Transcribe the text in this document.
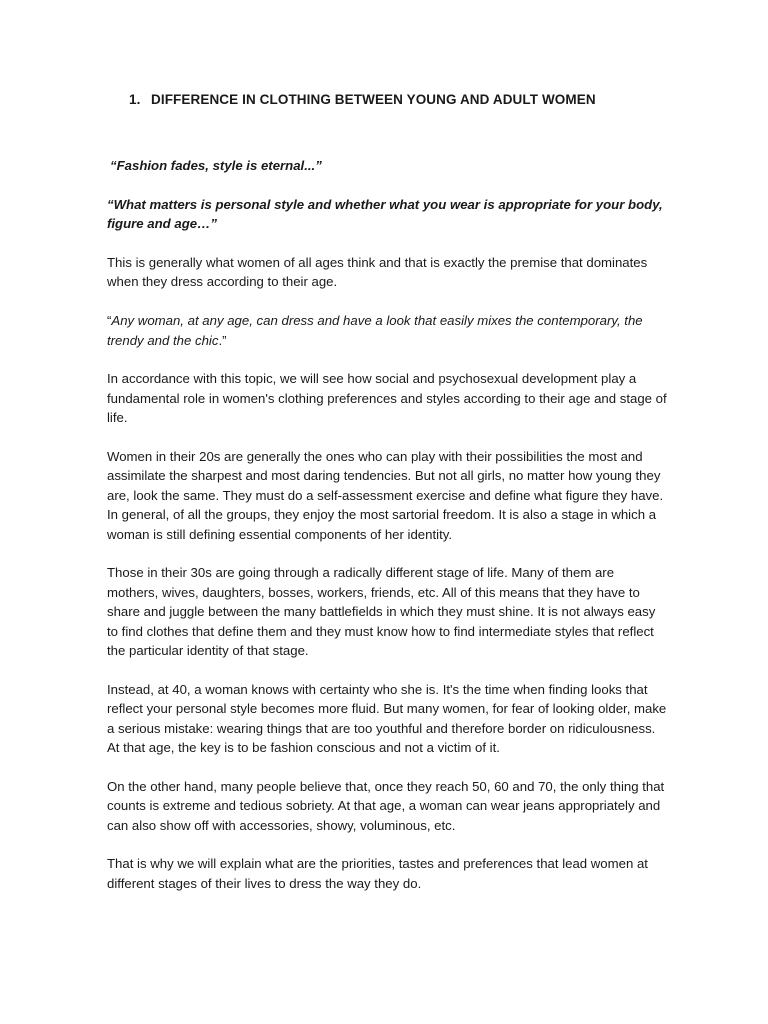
1. DIFFERENCE IN CLOTHING BETWEEN YOUNG AND ADULT WOMEN

“Fashion fades, style is eternal...”

“What matters is personal style and whether what you wear is appropriate for your body, figure and age…”

This is generally what women of all ages think and that is exactly the premise that dominates when they dress according to their age.

“Any woman, at any age, can dress and have a look that easily mixes the contemporary, the trendy and the chic.”

In accordance with this topic, we will see how social and psychosexual development play a fundamental role in women's clothing preferences and styles according to their age and stage of life.

Women in their 20s are generally the ones who can play with their possibilities the most and assimilate the sharpest and most daring tendencies. But not all girls, no matter how young they are, look the same. They must do a self-assessment exercise and define what figure they have. In general, of all the groups, they enjoy the most sartorial freedom. It is also a stage in which a woman is still defining essential components of her identity.

Those in their 30s are going through a radically different stage of life. Many of them are mothers, wives, daughters, bosses, workers, friends, etc. All of this means that they have to share and juggle between the many battlefields in which they must shine. It is not always easy to find clothes that define them and they must know how to find intermediate styles that reflect the particular identity of that stage.

Instead, at 40, a woman knows with certainty who she is. It's the time when finding looks that reflect your personal style becomes more fluid. But many women, for fear of looking older, make a serious mistake: wearing things that are too youthful and therefore border on ridiculousness. At that age, the key is to be fashion conscious and not a victim of it.

On the other hand, many people believe that, once they reach 50, 60 and 70, the only thing that counts is extreme and tedious sobriety. At that age, a woman can wear jeans appropriately and can also show off with accessories, showy, voluminous, etc.

That is why we will explain what are the priorities, tastes and preferences that lead women at different stages of their lives to dress the way they do.
